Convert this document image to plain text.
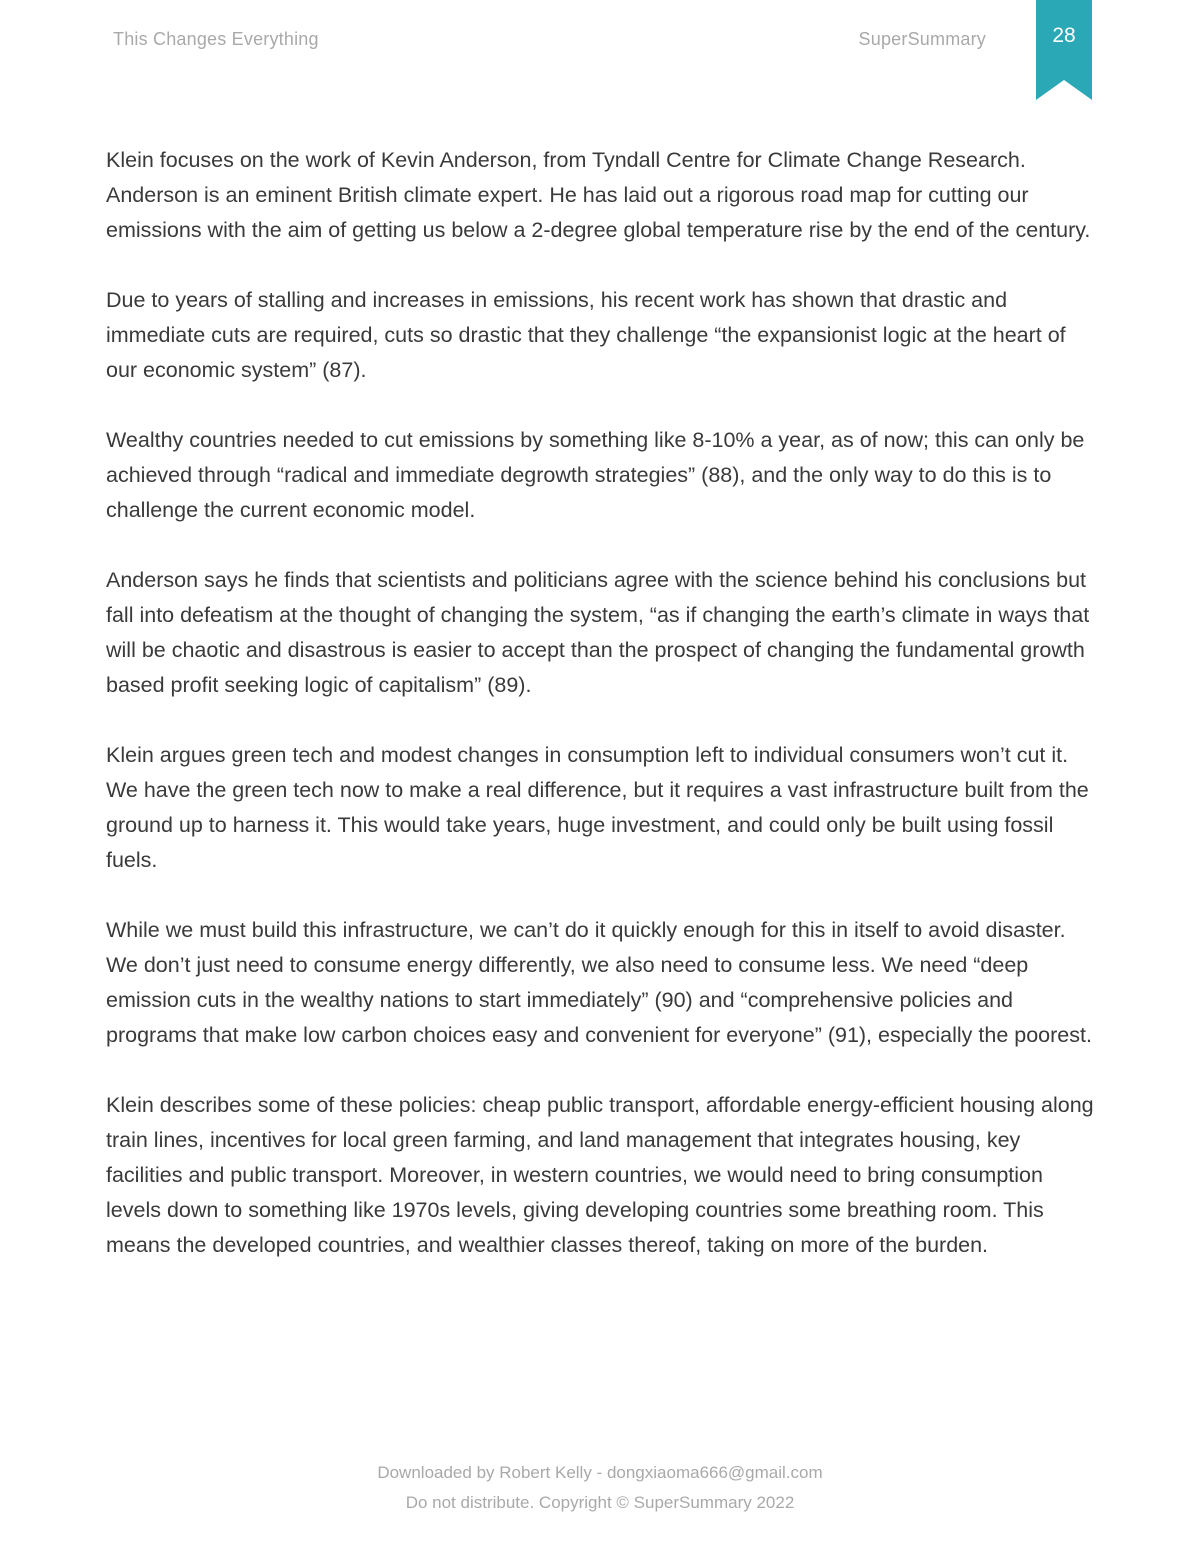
This Changes Everything	SuperSummary	28

Klein focuses on the work of Kevin Anderson, from Tyndall Centre for Climate Change Research. Anderson is an eminent British climate expert. He has laid out a rigorous road map for cutting our emissions with the aim of getting us below a 2-degree global temperature rise by the end of the century.

Due to years of stalling and increases in emissions, his recent work has shown that drastic and immediate cuts are required, cuts so drastic that they challenge “the expansionist logic at the heart of our economic system” (87).

Wealthy countries needed to cut emissions by something like 8-10% a year, as of now; this can only be achieved through “radical and immediate degrowth strategies” (88), and the only way to do this is to challenge the current economic model.

Anderson says he finds that scientists and politicians agree with the science behind his conclusions but fall into defeatism at the thought of changing the system, “as if changing the earth’s climate in ways that will be chaotic and disastrous is easier to accept than the prospect of changing the fundamental growth based profit seeking logic of capitalism” (89).

Klein argues green tech and modest changes in consumption left to individual consumers won’t cut it. We have the green tech now to make a real difference, but it requires a vast infrastructure built from the ground up to harness it. This would take years, huge investment, and could only be built using fossil fuels.

While we must build this infrastructure, we can’t do it quickly enough for this in itself to avoid disaster. We don’t just need to consume energy differently, we also need to consume less. We need “deep emission cuts in the wealthy nations to start immediately” (90) and “comprehensive policies and programs that make low carbon choices easy and convenient for everyone” (91), especially the poorest.

Klein describes some of these policies: cheap public transport, affordable energy-efficient housing along train lines, incentives for local green farming, and land management that integrates housing, key facilities and public transport. Moreover, in western countries, we would need to bring consumption levels down to something like 1970s levels, giving developing countries some breathing room. This means the developed countries, and wealthier classes thereof, taking on more of the burden.

Downloaded by Robert Kelly - dongxiaoma666@gmail.com
Do not distribute. Copyright © SuperSummary 2022
